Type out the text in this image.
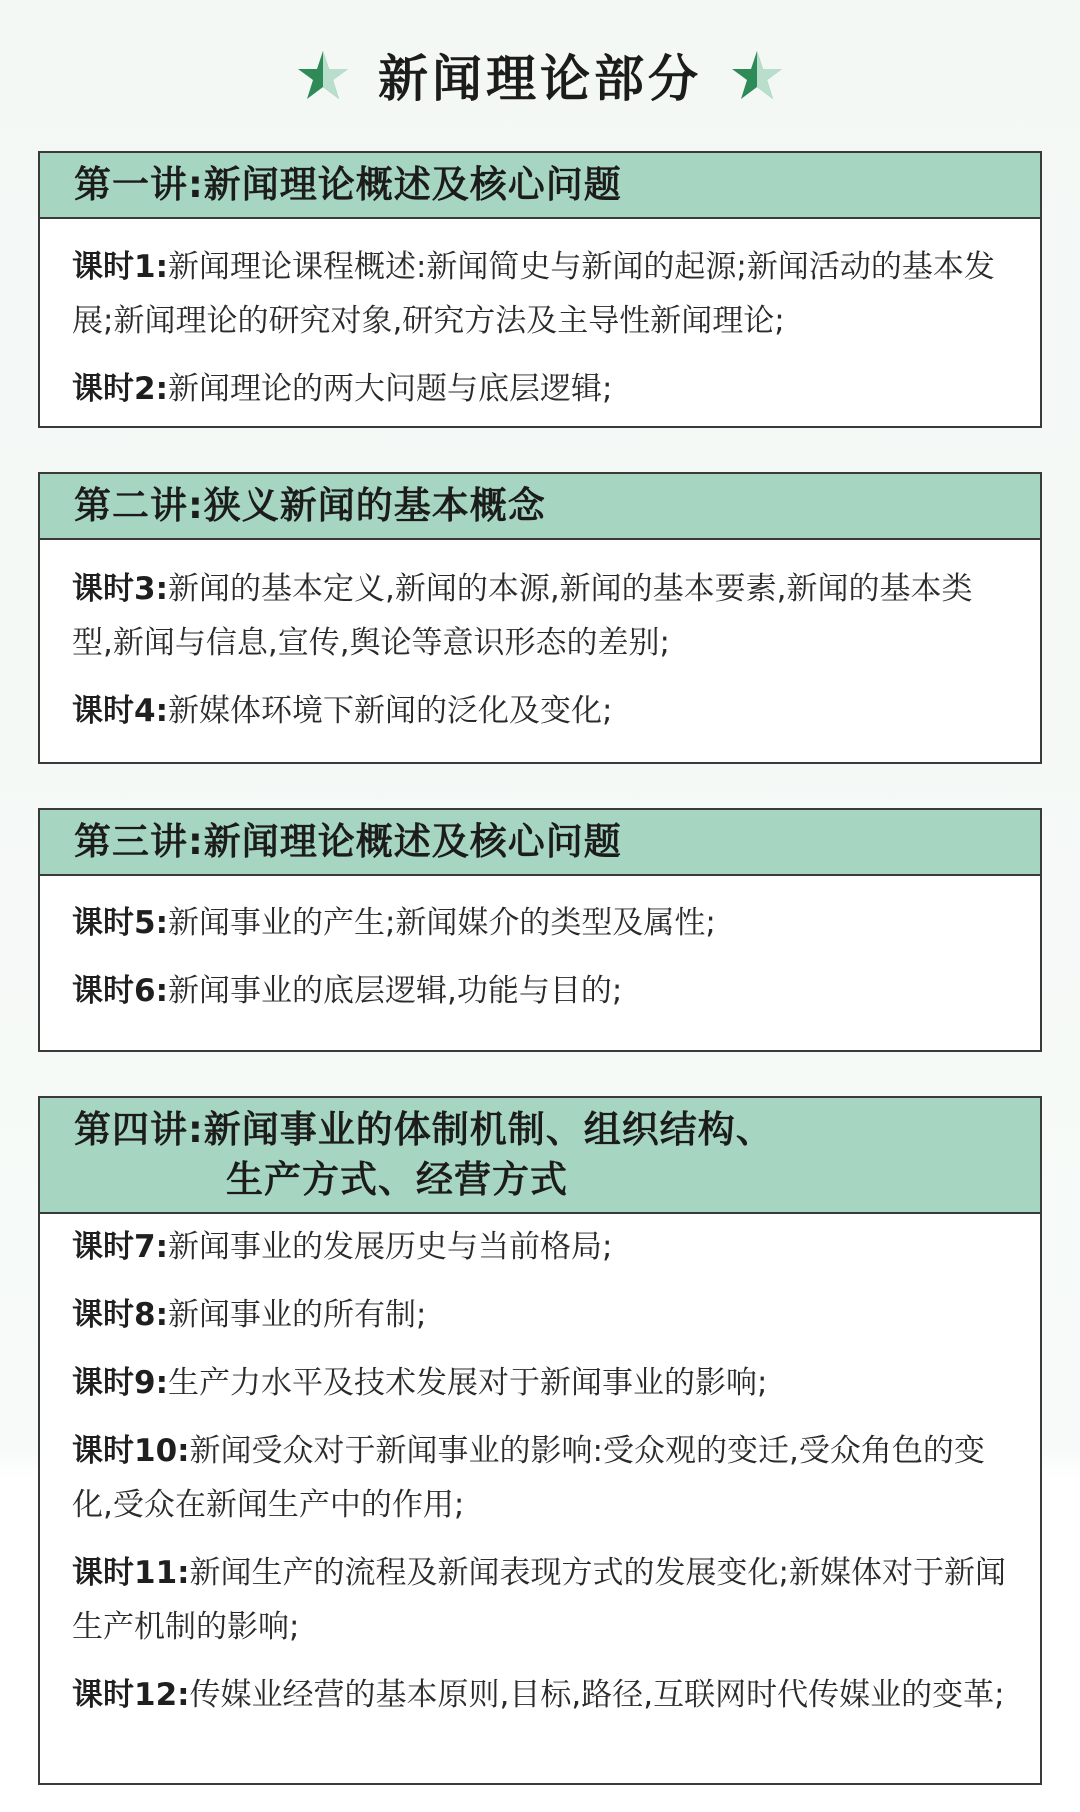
新闻理论部分
第一讲:新闻理论概述及核心问题

课时1:新闻理论课程概述:新闻简史与新闻的起源;新闻活动的基本发展;新闻理论的研究对象,研究方法及主导性新闻理论;

课时2:新闻理论的两大问题与底层逻辑;

第二讲:狭义新闻的基本概念

课时3:新闻的基本定义,新闻的本源,新闻的基本要素,新闻的基本类型,新闻与信息,宣传,舆论等意识形态的差别;

课时4:新媒体环境下新闻的泛化及变化;

第三讲:新闻理论概述及核心问题

课时5:新闻事业的产生;新闻媒介的类型及属性;

课时6:新闻事业的底层逻辑,功能与目的;

第四讲:新闻事业的体制机制、组织结构、
生产方式、经营方式

课时7:新闻事业的发展历史与当前格局;

课时8:新闻事业的所有制;

课时9:生产力水平及技术发展对于新闻事业的影响;

课时10:新闻受众对于新闻事业的影响:受众观的变迁,受众角色的变化,受众在新闻生产中的作用;

课时11:新闻生产的流程及新闻表现方式的发展变化;新媒体对于新闻生产机制的影响;

课时12:传媒业经营的基本原则,目标,路径,互联网时代传媒业的变革;
